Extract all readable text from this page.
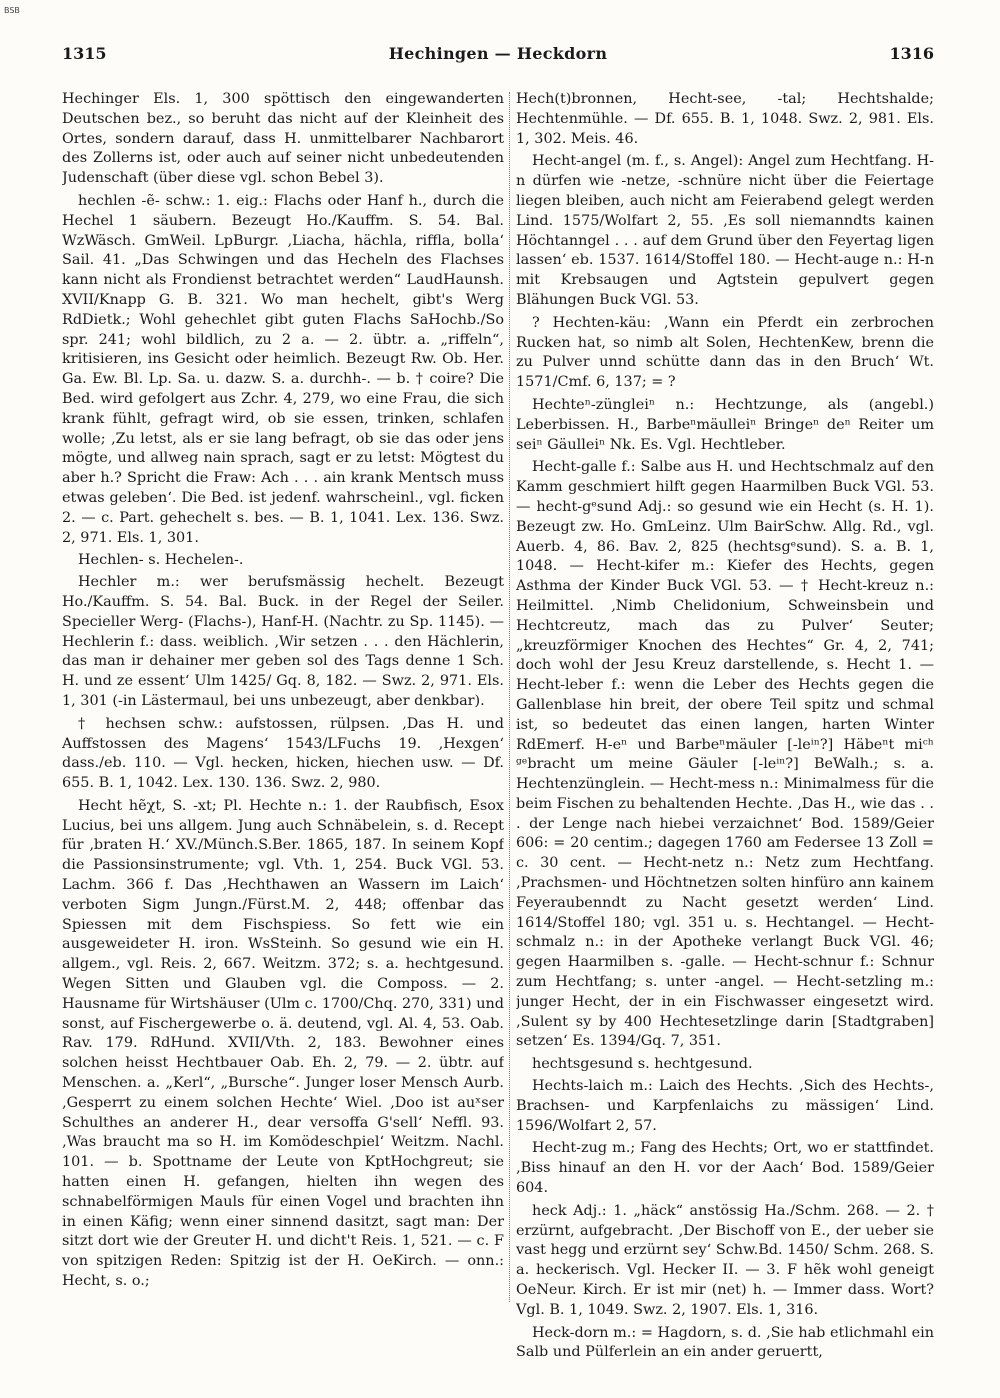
BSB
1315	Hechingen — Heckdorn	1316

Hechinger Els. 1, 300 spöttisch den eingewanderten Deutschen bez., so beruht das nicht auf der Kleinheit des Ortes, sondern darauf, dass H. unmittelbarer Nachbarort des Zollerns ist, oder auch auf seiner nicht unbedeutenden Judenschaft (über diese vgl. schon Bebel 3).

hechlen -ẽ- schw.: 1. eig.: Flachs oder Hanf h., durch die Hechel 1 säubern. Bezeugt Ho./Kauffm. S. 54. Bal. WzWäsch. GmWeil. LpBurgr. ‚Liacha, hächla, riffla, bolla‘ Sail. 41. „Das Schwingen und das Hecheln des Flachses kann nicht als Frondienst betrachtet werden“ LaudHaunsh. XVII/Knapp G. B. 321. Wo man hechelt, gibt's Werg RdDietk.; Wohl gehechlet gibt guten Flachs SaHochb./So spr. 241; wohl bildlich, zu 2 a. — 2. übtr. a. „riffeln“, kritisieren, ins Gesicht oder heimlich. Bezeugt Rw. Ob. Her. Ga. Ew. Bl. Lp. Sa. u. dazw. S. a. durchh-. — b. † coire? Die Bed. wird gefolgert aus Zchr. 4, 279, wo eine Frau, die sich krank fühlt, gefragt wird, ob sie essen, trinken, schlafen wolle; ‚Zu letst, als er sie lang befragt, ob sie das oder jens mögte, und allweg nain sprach, sagt er zu letst: Mögtest du aber h.? Spricht die Fraw: Ach . . . ain krank Mentsch muss etwas geleben‘. Die Bed. ist jedenf. wahrscheinl., vgl. ficken 2. — c. Part. gehechelt s. bes. — B. 1, 1041. Lex. 136. Swz. 2, 971. Els. 1, 301.

Hechlen- s. Hechelen-.

Hechler m.: wer berufsmässig hechelt. Bezeugt Ho./Kauffm. S. 54. Bal. Buck. in der Regel der Seiler. Specieller Werg- (Flachs-), Hanf-H. (Nachtr. zu Sp. 1145). — Hechlerin f.: dass. weiblich. ‚Wir setzen . . . den Hächlerin, das man ir dehainer mer geben sol des Tags denne 1 Sch. H. und ze essent‘ Ulm 1425/ Gq. 8, 182. — Swz. 2, 971. Els. 1, 301 (-in Lästermaul, bei uns unbezeugt, aber denkbar).

† hechsen schw.: aufstossen, rülpsen. ‚Das H. und Auffstossen des Magens‘ 1543/LFuchs 19. ‚Hexgen‘ dass./eb. 110. — Vgl. hecken, hicken, hiechen usw. — Df. 655. B. 1, 1042. Lex. 130. 136. Swz. 2, 980.

Hecht hẽχt, S. -xt; Pl. Hechte n.: 1. der Raubfisch, Esox Lucius, bei uns allgem. Jung auch Schnäbelein, s. d. Recept für ‚braten H.‘ XV./Münch.S.Ber. 1865, 187. In seinem Kopf die Passionsinstrumente; vgl. Vth. 1, 254. Buck VGl. 53. Lachm. 366 f. Das ‚Hechthawen an Wassern im Laich‘ verboten Sigm Jungn./Fürst.M. 2, 448; offenbar das Spiessen mit dem Fischspiess. So fett wie ein ausgeweideter H. iron. WsSteinh. So gesund wie ein H. allgem., vgl. Reis. 2, 667. Weitzm. 372; s. a. hechtgesund. Wegen Sitten und Glauben vgl. die Composs. — 2. Hausname für Wirtshäuser (Ulm c. 1700/Chq. 270, 331) und sonst, auf Fischergewerbe o. ä. deutend, vgl. Al. 4, 53. Oab. Rav. 179. RdHund. XVII/Vth. 2, 183. Bewohner eines solchen heisst Hechtbauer Oab. Eh. 2, 79. — 2. übtr. auf Menschen. a. „Kerl“, „Bursche“. Junger loser Mensch Aurb. ‚Gesperrt zu einem solchen Hechte‘ Wiel. ‚Doo ist auˣser Schulthes an anderer H., dear versoffa G'sell‘ Neffl. 93. ‚Was braucht ma so H. im Komödeschpiel‘ Weitzm. Nachl. 101. — b. Spottname der Leute von KptHochgreut; sie hatten einen H. gefangen, hielten ihn wegen des schnabelförmigen Mauls für einen Vogel und brachten ihn in einen Käfig; wenn einer sinnend dasitzt, sagt man: Der sitzt dort wie der Greuter H. und dicht't Reis. 1, 521. — c. F von spitzigen Reden: Spitzig ist der H. OeKirch. — onn.: Hecht, s. o.;

Hech(t)bronnen, Hecht-see, -tal; Hechtshalde; Hechtenmühle. — Df. 655. B. 1, 1048. Swz. 2, 981. Els. 1, 302. Meis. 46.

Hecht-angel (m. f., s. Angel): Angel zum Hechtfang. H-n dürfen wie -netze, -schnüre nicht über die Feiertage liegen bleiben, auch nicht am Feierabend gelegt werden Lind. 1575/Wolfart 2, 55. ‚Es soll niemanndts kainen Höchtanngel . . . auf dem Grund über den Feyertag ligen lassen‘ eb. 1537. 1614/Stoffel 180. — Hecht-auge n.: H-n mit Krebsaugen und Agtstein gepulvert gegen Blähungen Buck VGl. 53.

? Hechten-käu: ‚Wann ein Pferdt ein zerbrochen Rucken hat, so nimb alt Solen, HechtenKew, brenn die zu Pulver unnd schütte dann das in den Bruch‘ Wt. 1571/Cmf. 6, 137; = ?

Hechteⁿ-züngleiⁿ n.: Hechtzunge, als (angebl.) Leberbissen. H., Barbeⁿmäulleiⁿ Bringeⁿ deⁿ Reiter um seiⁿ Gäulleiⁿ Nk. Es. Vgl. Hechtleber.

Hecht-galle f.: Salbe aus H. und Hechtschmalz auf den Kamm geschmiert hilft gegen Haarmilben Buck VGl. 53. — hecht-gᵉsund Adj.: so gesund wie ein Hecht (s. H. 1). Bezeugt zw. Ho. GmLeinz. Ulm BairSchw. Allg. Rd., vgl. Auerb. 4, 86. Bav. 2, 825 (hechtsgᵉsund). S. a. B. 1, 1048. — Hecht-kifer m.: Kiefer des Hechts, gegen Asthma der Kinder Buck VGl. 53. — † Hecht-kreuz n.: Heilmittel. ‚Nimb Chelidonium, Schweinsbein und Hechtcreutz, mach das zu Pulver‘ Seuter; „kreuzförmiger Knochen des Hechtes“ Gr. 4, 2, 741; doch wohl der Jesu Kreuz darstellende, s. Hecht 1. — Hecht-leber f.: wenn die Leber des Hechts gegen die Gallenblase hin breit, der obere Teil spitz und schmal ist, so bedeutet das einen langen, harten Winter RdEmerf. H-eⁿ und Barbeⁿmäuler [-leⁱⁿ?] Häbeⁿt miᶜʰ ᵍᵉbracht um meine Gäuler [-leⁱⁿ?] BeWalh.; s. a. Hechtenzünglein. — Hecht-mess n.: Minimalmess für die beim Fischen zu behaltenden Hechte. ‚Das H., wie das . . . der Lenge nach hiebei verzaichnet‘ Bod. 1589/Geier 606: = 20 centim.; dagegen 1760 am Federsee 13 Zoll = c. 30 cent. — Hecht-netz n.: Netz zum Hechtfang. ‚Prachsmen- und Höchtnetzen solten hinfüro ann kainem Feyeraubenndt zu Nacht gesetzt werden‘ Lind. 1614/Stoffel 180; vgl. 351 u. s. Hechtangel. — Hecht-schmalz n.: in der Apotheke verlangt Buck VGl. 46; gegen Haarmilben s. -galle. — Hecht-schnur f.: Schnur zum Hechtfang; s. unter -angel. — Hecht-setzling m.: junger Hecht, der in ein Fischwasser eingesetzt wird. ‚Sulent sy by 400 Hechtesetzlinge darin [Stadtgraben] setzen‘ Es. 1394/Gq. 7, 351.

hechtsgesund s. hechtgesund.

Hechts-laich m.: Laich des Hechts. ‚Sich des Hechts-, Brachsen- und Karpfenlaichs zu mässigen‘ Lind. 1596/Wolfart 2, 57.

Hecht-zug m.; Fang des Hechts; Ort, wo er stattfindet. ‚Biss hinauf an den H. vor der Aach‘ Bod. 1589/Geier 604.

heck Adj.: 1. „häck“ anstössig Ha./Schm. 268. — 2. † erzürnt, aufgebracht. ‚Der Bischoff von E., der ueber sie vast hegg und erzürnt sey‘ Schw.Bd. 1450/ Schm. 268. S. a. heckerisch. Vgl. Hecker II. — 3. F hẽk wohl geneigt OeNeur. Kirch. Er ist mir (net) h. — Immer dass. Wort? Vgl. B. 1, 1049. Swz. 2, 1907. Els. 1, 316.

Heck-dorn m.: = Hagdorn, s. d. ‚Sie hab etlichmahl ein Salb und Pülferlein an ein ander geruertt,
